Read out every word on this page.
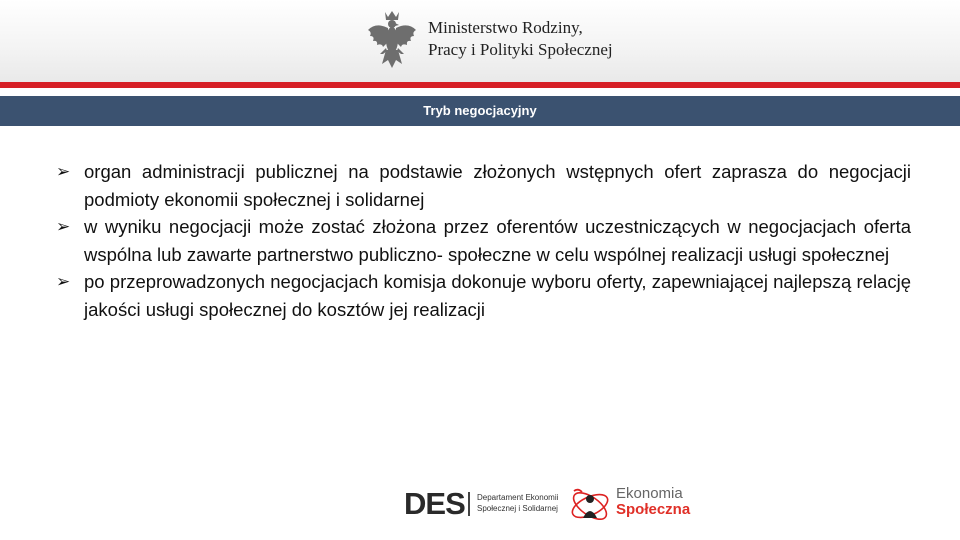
Ministerstwo Rodziny,
Pracy i Polityki Społecznej
Tryb negocjacyjny
➢ organ administracji publicznej na podstawie złożonych wstępnych ofert zaprasza do negocjacji podmioty ekonomii społecznej i solidarnej
➢ w wyniku negocjacji może zostać złożona przez oferentów uczestniczących w negocjacjach oferta wspólna lub zawarte partnerstwo publiczno- społeczne w celu wspólnej realizacji usługi społecznej
➢ po przeprowadzonych negocjacjach komisja dokonuje wyboru oferty, zapewniającej najlepszą relację jakości usługi społecznej do kosztów jej realizacji
DES Departament Ekonomii
Społecznej i Solidarnej
Ekonomia
Społeczna
